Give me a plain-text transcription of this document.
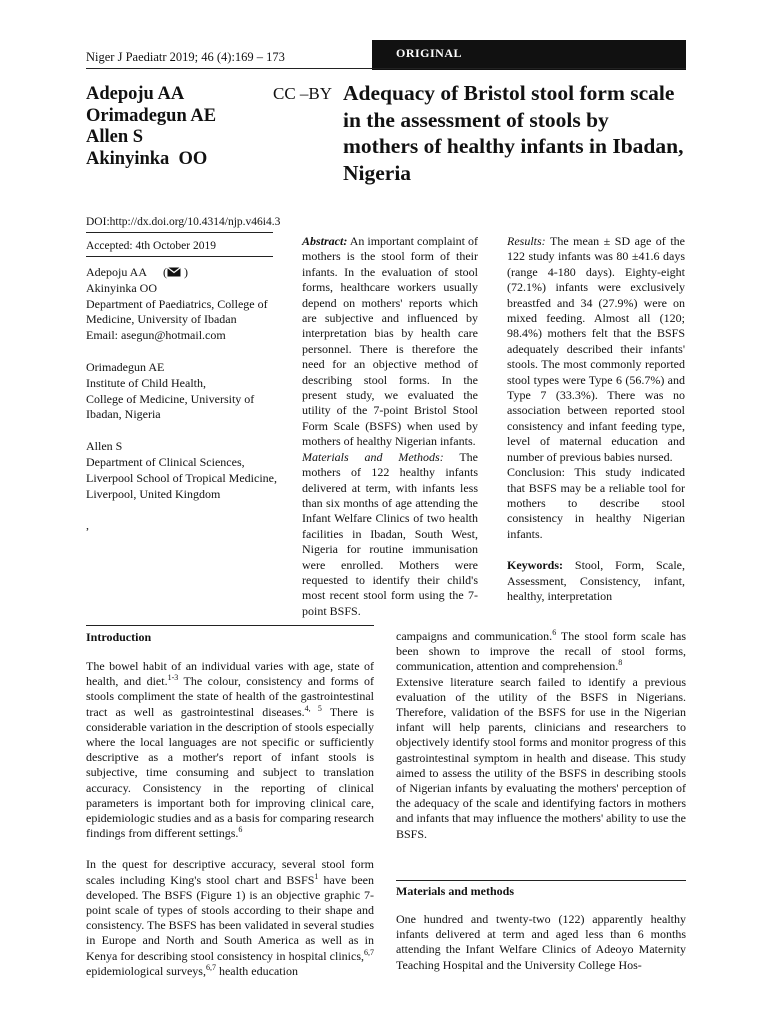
Niger J Paediatr 2019; 46 (4):169 – 173	ORIGINAL
Adepoju AA
Orimadegun AE
Allen S
Akinyinka  OO
CC –BY Adequacy of Bristol stool form scale in the assessment of stools by mothers of healthy infants in Ibadan, Nigeria
DOI:http://dx.doi.org/10.4314/njp.v46i4.3
Accepted: 4th October 2019

Adepoju AA ( )
Akinyinka OO
Department of Paediatrics, College of Medicine, University of Ibadan
Email: asegun@hotmail.com

Orimadegun AE
Institute of Child Health,
College of Medicine, University of Ibadan, Nigeria

Allen S
Department of Clinical Sciences, Liverpool School of Tropical Medicine, Liverpool, United Kingdom

,

Abstract: An important complaint of mothers is the stool form of their infants. In the evaluation of stool forms, healthcare workers usually depend on mothers' reports which are subjective and influenced by interpretation bias by health care personnel. There is therefore the need for an objective method of describing stool forms. In the present study, we evaluated the utility of the 7-point Bristol Stool Form Scale (BSFS) when used by mothers of healthy Nigerian infants.

Materials and Methods: The mothers of 122 healthy infants delivered at term, with infants less than six months of age attending the Infant Welfare Clinics of two health facilities in Ibadan, South West, Nigeria for routine immunisation were enrolled. Mothers were requested to identify their child's most recent stool form using the 7-point BSFS.

Results: The mean ± SD age of the 122 study infants was 80 ±41.6 days (range 4-180 days). Eighty-eight (72.1%) infants were exclusively breastfed and 34 (27.9%) were on mixed feeding. Almost all (120; 98.4%) mothers felt that the BSFS adequately described their infants' stools. The most commonly reported stool types were Type 6 (56.7%) and Type 7 (33.3%). There was no association between reported stool consistency and infant feeding type, level of maternal education and number of previous babies nursed.

Conclusion: This study indicated that BSFS may be a reliable tool for mothers to describe stool consistency in healthy Nigerian infants.

Keywords: Stool, Form, Scale, Assessment, Consistency, infant, healthy, interpretation

Introduction

The bowel habit of an individual varies with age, state of health, and diet.$^{1-3}$ The colour, consistency and forms of stools compliment the state of health of the gastrointestinal tract as well as gastrointestinal diseases.$^{4, 5}$ There is considerable variation in the description of stools especially where the local languages are not specific or sufficiently descriptive as a mother's report of infant stools is subjective, time consuming and subject to translation accuracy. Consistency in the reporting of clinical parameters is important both for improving clinical care, epidemiologic studies and as a basis for comparing research findings from different settings.$^6$

In the quest for descriptive accuracy, several stool form scales including King's stool chart and BSFS$^1$ have been developed. The BSFS (Figure 1) is an objective graphic 7-point scale of types of stools according to their shape and consistency. The BSFS has been validated in several studies in Europe and North and South America as well as in Kenya for describing stool consistency in hospital clinics,$^{6,7}$ epidemiological surveys,$^{6,7}$ health education

campaigns and communication.$^6$ The stool form scale has been shown to improve the recall of stool forms, communication, attention and comprehension.$^8$

Extensive literature search failed to identify a previous evaluation of the utility of the BSFS in Nigerians. Therefore, validation of the BSFS for use in the Nigerian infant will help parents, clinicians and researchers to objectively identify stool forms and monitor progress of this gastrointestinal symptom in health and disease. This study aimed to assess the utility of the BSFS in describing stools of Nigerian infants by evaluating the mothers' perception of the adequacy of the scale and identifying factors in mothers and infants that may influence the mothers' ability to use the BSFS.

Materials and methods
One hundred and twenty-two (122) apparently healthy infants delivered at term and aged less than 6 months attending the Infant Welfare Clinics of Adeoyo Maternity Teaching Hospital and the University College Hos-
